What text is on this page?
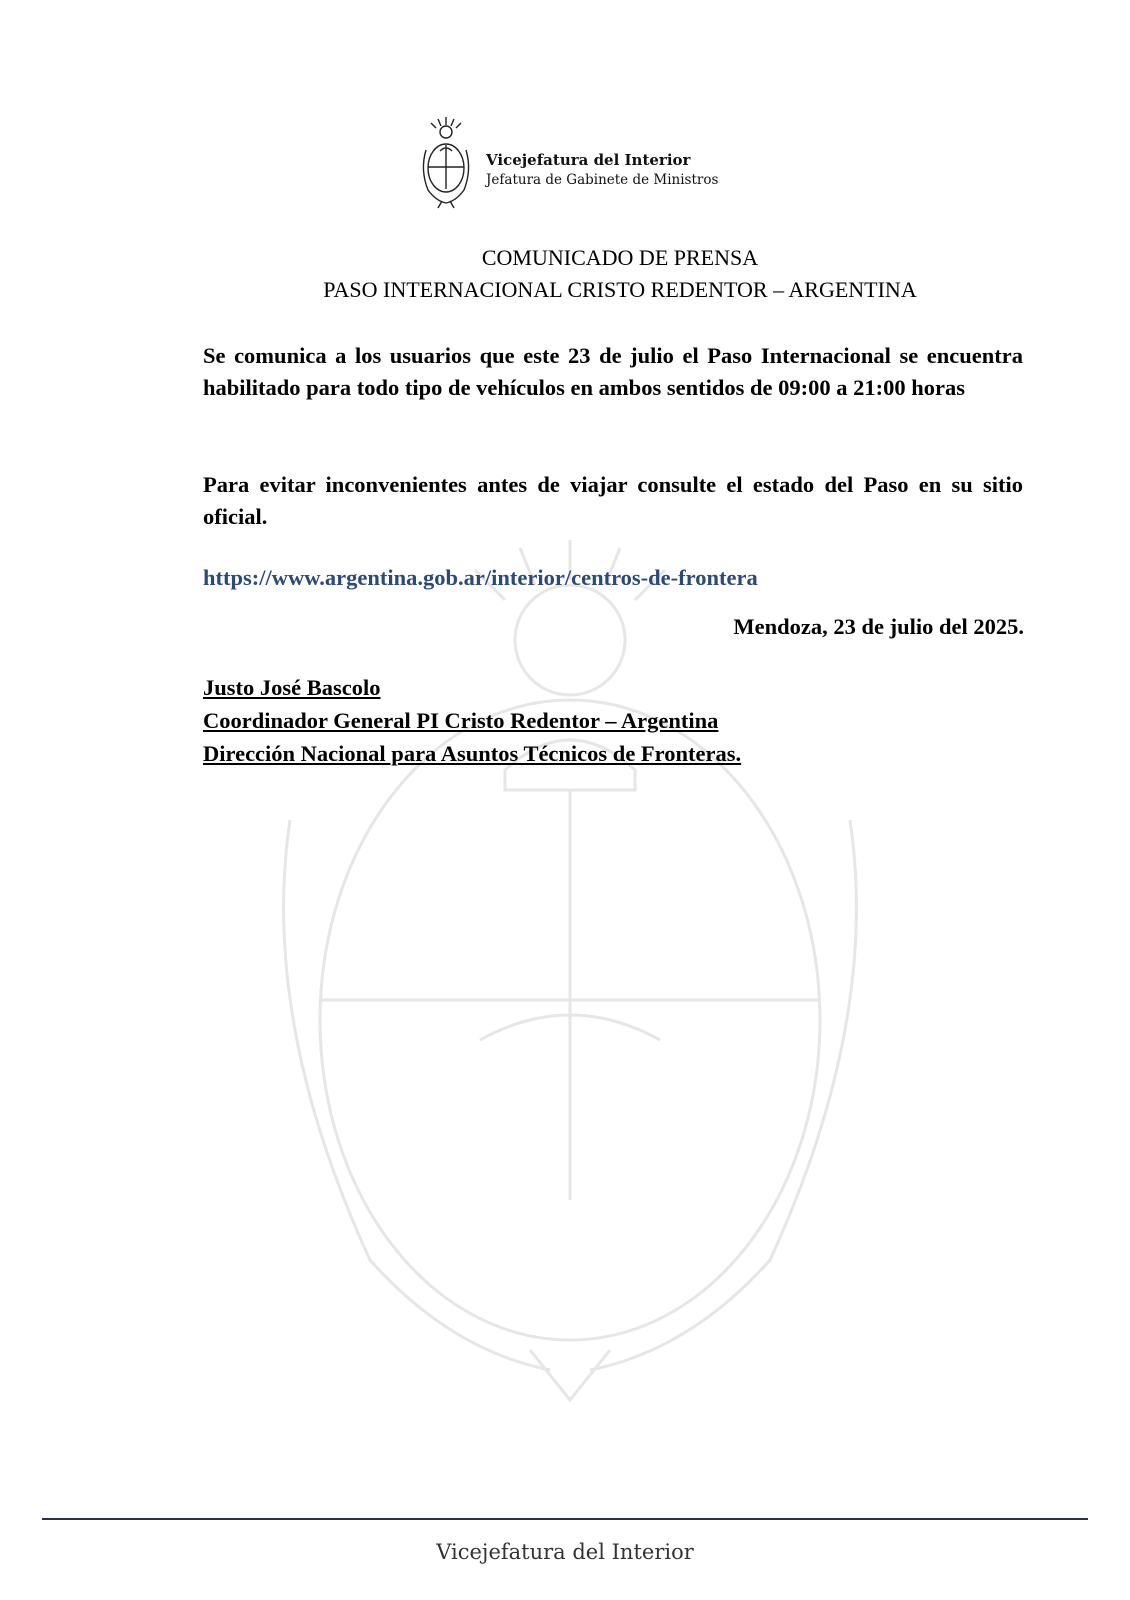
Vicejefatura del Interior
Jefatura de Gabinete de Ministros
COMUNICADO DE PRENSA
PASO INTERNACIONAL CRISTO REDENTOR – ARGENTINA
Se comunica a los usuarios que este 23 de julio el Paso Internacional se encuentra habilitado para todo tipo de vehículos en ambos sentidos de 09:00 a 21:00 horas
Para evitar inconvenientes antes de viajar consulte el estado del Paso en su sitio oficial.
https://www.argentina.gob.ar/interior/centros-de-frontera
Mendoza, 23 de julio del 2025.
Justo José Bascolo
Coordinador General PI Cristo Redentor – Argentina
Dirección Nacional para Asuntos Técnicos de Fronteras.
Vicejefatura del Interior
